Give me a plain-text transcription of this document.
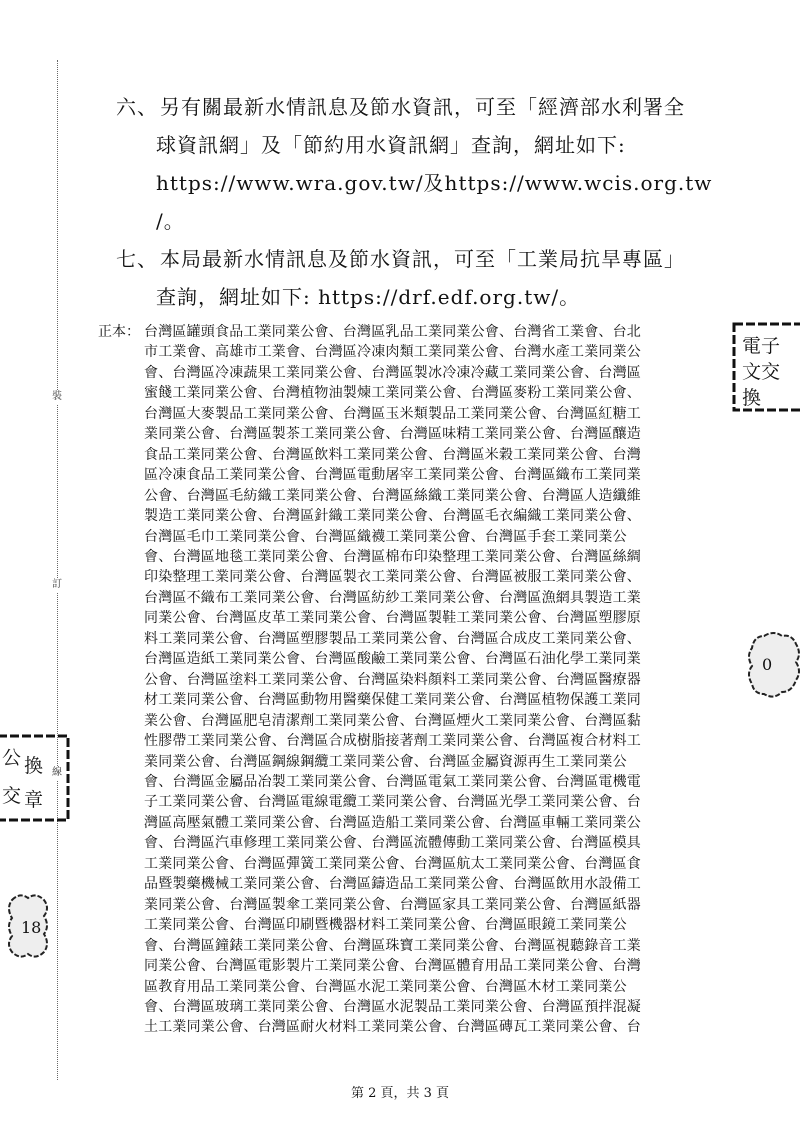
裝
訂
線
六、 另有關最新水情訊息及節水資訊，可至「經濟部水利署全
球資訊網」及「節約用水資訊網」查詢，網址如下:
https://www.wra.gov.tw/及https://www.wcis.org.tw
/。
七、 本局最新水情訊息及節水資訊，可至「工業局抗旱專區」
查詢，網址如下: https://drf.edf.org.tw/。
正本： 台灣區罐頭食品工業同業公會、台灣區乳品工業同業公會、台灣省工業會、台北
市工業會、高雄市工業會、台灣區冷凍肉類工業同業公會、台灣水產工業同業公
會、台灣區冷凍蔬果工業同業公會、台灣區製冰冷凍冷藏工業同業公會、台灣區
蜜餞工業同業公會、台灣植物油製煉工業同業公會、台灣區麥粉工業同業公會、
台灣區大麥製品工業同業公會、台灣區玉米類製品工業同業公會、台灣區紅糖工
業同業公會、台灣區製茶工業同業公會、台灣區味精工業同業公會、台灣區釀造
食品工業同業公會、台灣區飲料工業同業公會、台灣區米穀工業同業公會、台灣
區冷凍食品工業同業公會、台灣區電動屠宰工業同業公會、台灣區織布工業同業
公會、台灣區毛紡織工業同業公會、台灣區絲織工業同業公會、台灣區人造纖維
製造工業同業公會、台灣區針織工業同業公會、台灣區毛衣編織工業同業公會、
台灣區毛巾工業同業公會、台灣區織襪工業同業公會、台灣區手套工業同業公
會、台灣區地毯工業同業公會、台灣區棉布印染整理工業同業公會、台灣區絲綢
印染整理工業同業公會、台灣區製衣工業同業公會、台灣區被服工業同業公會、
台灣區不織布工業同業公會、台灣區紡紗工業同業公會、台灣區漁網具製造工業
同業公會、台灣區皮革工業同業公會、台灣區製鞋工業同業公會、台灣區塑膠原
料工業同業公會、台灣區塑膠製品工業同業公會、台灣區合成皮工業同業公會、
台灣區造紙工業同業公會、台灣區酸鹼工業同業公會、台灣區石油化學工業同業
公會、台灣區塗料工業同業公會、台灣區染料顏料工業同業公會、台灣區醫療器
材工業同業公會、台灣區動物用醫藥保健工業同業公會、台灣區植物保護工業同
業公會、台灣區肥皂清潔劑工業同業公會、台灣區煙火工業同業公會、台灣區黏
性膠帶工業同業公會、台灣區合成樹脂接著劑工業同業公會、台灣區複合材料工
業同業公會、台灣區鋼線鋼纜工業同業公會、台灣區金屬資源再生工業同業公
會、台灣區金屬品冶製工業同業公會、台灣區電氣工業同業公會、台灣區電機電
子工業同業公會、台灣區電線電纜工業同業公會、台灣區光學工業同業公會、台
灣區高壓氣體工業同業公會、台灣區造船工業同業公會、台灣區車輛工業同業公
會、台灣區汽車修理工業同業公會、台灣區流體傳動工業同業公會、台灣區模具
工業同業公會、台灣區彈簧工業同業公會、台灣區航太工業同業公會、台灣區食
品暨製藥機械工業同業公會、台灣區鑄造品工業同業公會、台灣區飲用水設備工
業同業公會、台灣區製傘工業同業公會、台灣區家具工業同業公會、台灣區紙器
工業同業公會、台灣區印刷暨機器材料工業同業公會、台灣區眼鏡工業同業公
會、台灣區鐘錶工業同業公會、台灣區珠寶工業同業公會、台灣區視聽錄音工業
同業公會、台灣區電影製片工業同業公會、台灣區體育用品工業同業公會、台灣
區教育用品工業同業公會、台灣區水泥工業同業公會、台灣區木材工業同業公
會、台灣區玻璃工業同業公會、台灣區水泥製品工業同業公會、台灣區預拌混凝
土工業同業公會、台灣區耐火材料工業同業公會、台灣區磚瓦工業同業公會、台
電子
文交
換
公 換
交 章
18
0
第 2 頁，共 3 頁
